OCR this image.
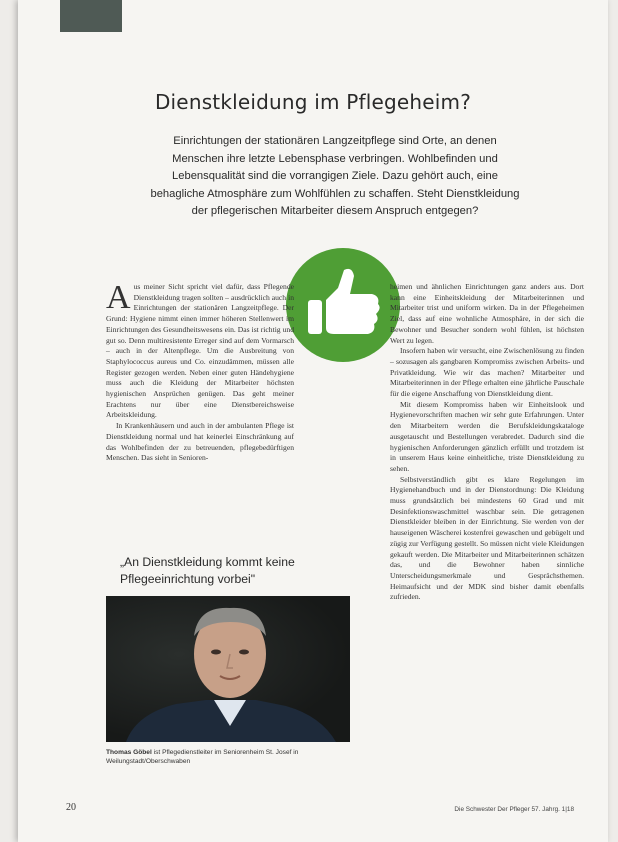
Dienstkleidung im Pflegeheim?

Einrichtungen der stationären Langzeitpflege sind Orte, an denen Menschen ihre letzte Lebensphase verbringen. Wohlbefinden und Lebensqualität sind die vorrangigen Ziele. Dazu gehört auch, eine behagliche Atmosphäre zum Wohlfühlen zu schaffen. Steht Dienstkleidung der pflegerischen Mitarbeiter diesem Anspruch entgegen?

Aus meiner Sicht spricht viel dafür, dass Pflegende Dienstkleidung tragen sollten – ausdrücklich auch in Einrichtungen der stationären Langzeitpflege. Der Grund: Hygiene nimmt einen immer höheren Stellenwert im Einrichtungen des Gesundheitswesens ein. Das ist richtig und gut so. Denn multiresistente Erreger sind auf dem Vormarsch – auch in der Altenpflege. Um die Ausbreitung von Staphylococcus aureus und Co. einzudämmen, müssen alle Register gezogen werden. Neben einer guten Händehygiene muss auch die Kleidung der Mitarbeiter höchsten hygienischen Ansprüchen genügen. Das geht meiner Erachtens nur über eine Dienstbereichsweise Arbeitskleidung.

In Krankenhäusern und auch in der ambulanten Pflege ist Dienstkleidung normal und hat keinerlei Einschränkung auf das Wohlbefinden der zu betreuenden, pflegebedürftigen Menschen. Das sieht in Senioren-

heimen und ähnlichen Einrichtungen ganz anders aus. Dort kann eine Einheitskleidung der Mitarbeiterinnen und Mitarbeiter trist und uniform wirken. Da in der Pflegeheimen Ziel, dass auf eine wohnliche Atmosphäre, in der sich die Bewohner und Besucher sondern wohl fühlen, ist höchsten Wert zu legen.

Insofern haben wir versucht, eine Zwischenlösung zu finden – sozusagen als gangbaren Kompromiss zwischen Arbeits- und Privatkleidung. Wie wir das machen? Mitarbeiter und Mitarbeiterinnen in der Pflege erhalten eine jährliche Pauschale für die eigene Anschaffung von Dienstkleidung dient.

Mit diesem Kompromiss haben wir Einheitslook und Hygienevorschriften machen wir sehr gute Erfahrungen. Unter den Mitarbeitern werden die Berufskleidungskataloge ausgetauscht und Bestellungen verabredet. Dadurch sind die hygienischen Anforderungen gänzlich erfüllt und trotzdem ist in unserem Haus keine einheitliche, triste Dienstkleidung zu sehen.

Selbstverständlich gibt es klare Regelungen im Hygienehandbuch und in der Dienstordnung: Die Kleidung muss grundsätzlich bei mindestens 60 Grad und mit Desinfektionswaschmittel waschbar sein. Die getragenen Dienstkleider bleiben in der Einrichtung. Sie werden von der hauseigenen Wäscherei kostenfrei gewaschen und gebügelt und zügig zur Verfügung gestellt. So müssen nicht viele Kleidungen gekauft werden. Die Mitarbeiter und Mitarbeiterinnen schätzen das, und die Bewohner haben sinnliche Unterscheidungsmerkmale und Gesprächsthemen. Heimaufsicht und der MDK sind bisher damit ebenfalls zufrieden.

„An Dienstkleidung kommt keine Pflegeeinrichtung vorbei"

Thomas Göbel ist Pflegedienstleiter im Seniorenheim St. Josef in Weilungstadt/Oberschwaben

20	Die Schwester Der Pfleger 57. Jahrg. 1|18
